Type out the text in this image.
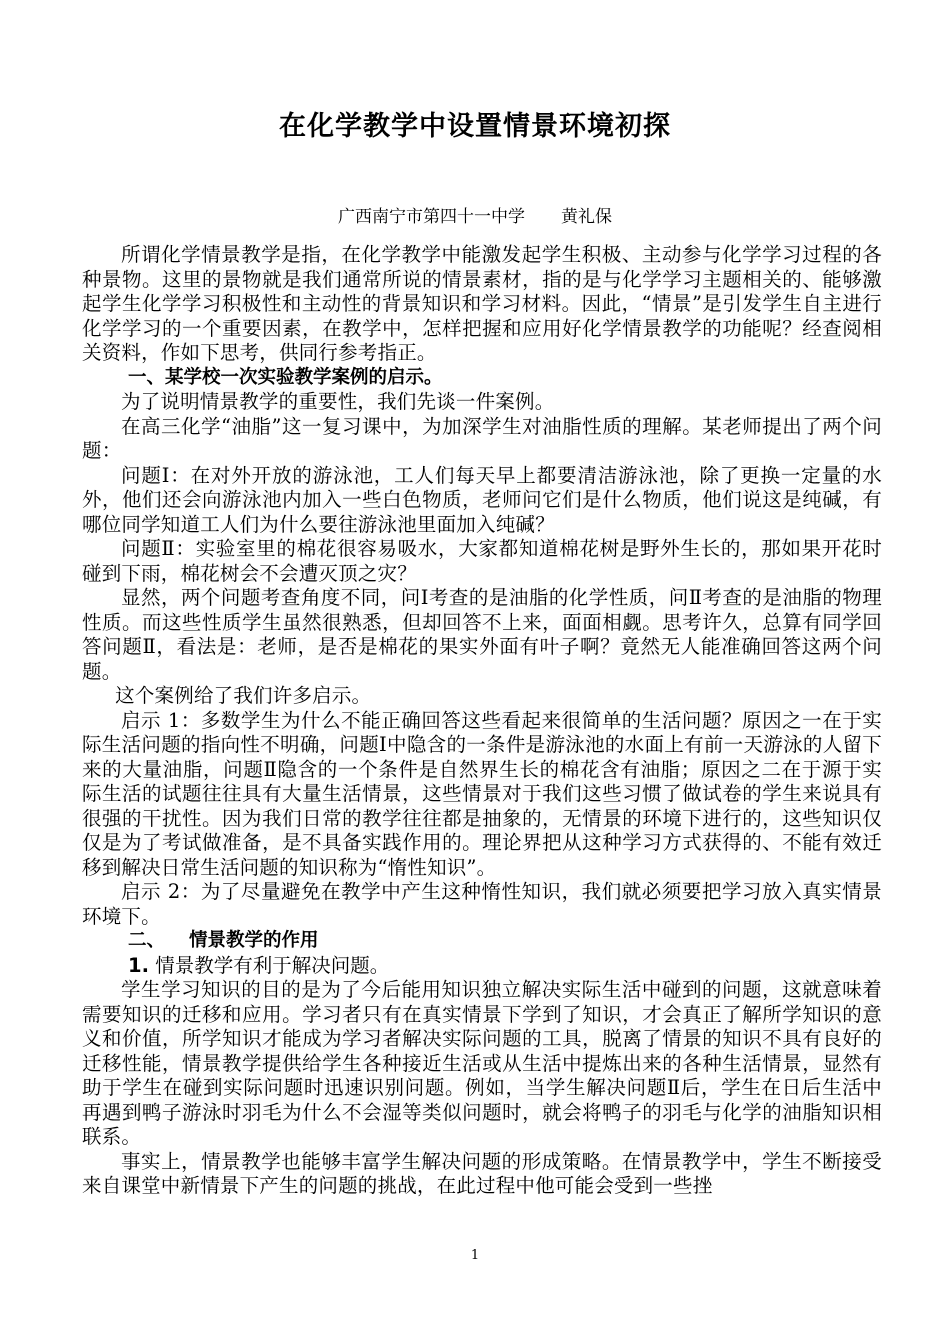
在化学教学中设置情景环境初探

广西南宁市第四十一中学 黄礼保

所谓化学情景教学是指，在化学教学中能激发起学生积极、主动参与化学学习过程的各种景物。这里的景物就是我们通常所说的情景素材，指的是与化学学习主题相关的、能够激起学生化学学习积极性和主动性的背景知识和学习材料。因此，“情景”是引发学生自主进行化学学习的一个重要因素，在教学中，怎样把握和应用好化学情景教学的功能呢？经查阅相关资料，作如下思考，供同行参考指正。

一、某学校一次实验教学案例的启示。

为了说明情景教学的重要性，我们先谈一件案例。

在高三化学“油脂”这一复习课中，为加深学生对油脂性质的理解。某老师提出了两个问题：

问题Ⅰ：在对外开放的游泳池，工人们每天早上都要清洁游泳池，除了更换一定量的水外，他们还会向游泳池内加入一些白色物质，老师问它们是什么物质，他们说这是纯碱，有哪位同学知道工人们为什么要往游泳池里面加入纯碱？

问题Ⅱ：实验室里的棉花很容易吸水，大家都知道棉花树是野外生长的，那如果开花时碰到下雨，棉花树会不会遭灭顶之灾？

显然，两个问题考查角度不同，问Ⅰ考查的是油脂的化学性质，问Ⅱ考查的是油脂的物理性质。而这些性质学生虽然很熟悉，但却回答不上来，面面相觑。思考许久，总算有同学回答问题Ⅱ，看法是：老师，是否是棉花的果实外面有叶子啊？竟然无人能准确回答这两个问题。

这个案例给了我们许多启示。

启示 1：多数学生为什么不能正确回答这些看起来很简单的生活问题？原因之一在于实际生活问题的指向性不明确，问题Ⅰ中隐含的一条件是游泳池的水面上有前一天游泳的人留下来的大量油脂，问题Ⅱ隐含的一个条件是自然界生长的棉花含有油脂；原因之二在于源于实际生活的试题往往具有大量生活情景，这些情景对于我们这些习惯了做试卷的学生来说具有很强的干扰性。因为我们日常的教学往往都是抽象的，无情景的环境下进行的，这些知识仅仅是为了考试做准备，是不具备实践作用的。理论界把从这种学习方式获得的、不能有效迁移到解决日常生活问题的知识称为“惰性知识”。

启示 2：为了尽量避免在教学中产生这种惰性知识，我们就必须要把学习放入真实情景环境下。

二、 情景教学的作用

1. 情景教学有利于解决问题。

学生学习知识的目的是为了今后能用知识独立解决实际生活中碰到的问题，这就意味着需要知识的迁移和应用。学习者只有在真实情景下学到了知识，才会真正了解所学知识的意义和价值，所学知识才能成为学习者解决实际问题的工具，脱离了情景的知识不具有良好的迁移性能，情景教学提供给学生各种接近生活或从生活中提炼出来的各种生活情景，显然有助于学生在碰到实际问题时迅速识别问题。例如，当学生解决问题Ⅱ后，学生在日后生活中再遇到鸭子游泳时羽毛为什么不会湿等类似问题时，就会将鸭子的羽毛与化学的油脂知识相联系。

事实上，情景教学也能够丰富学生解决问题的形成策略。在情景教学中，学生不断接受来自课堂中新情景下产生的问题的挑战，在此过程中他可能会受到一些挫

1
